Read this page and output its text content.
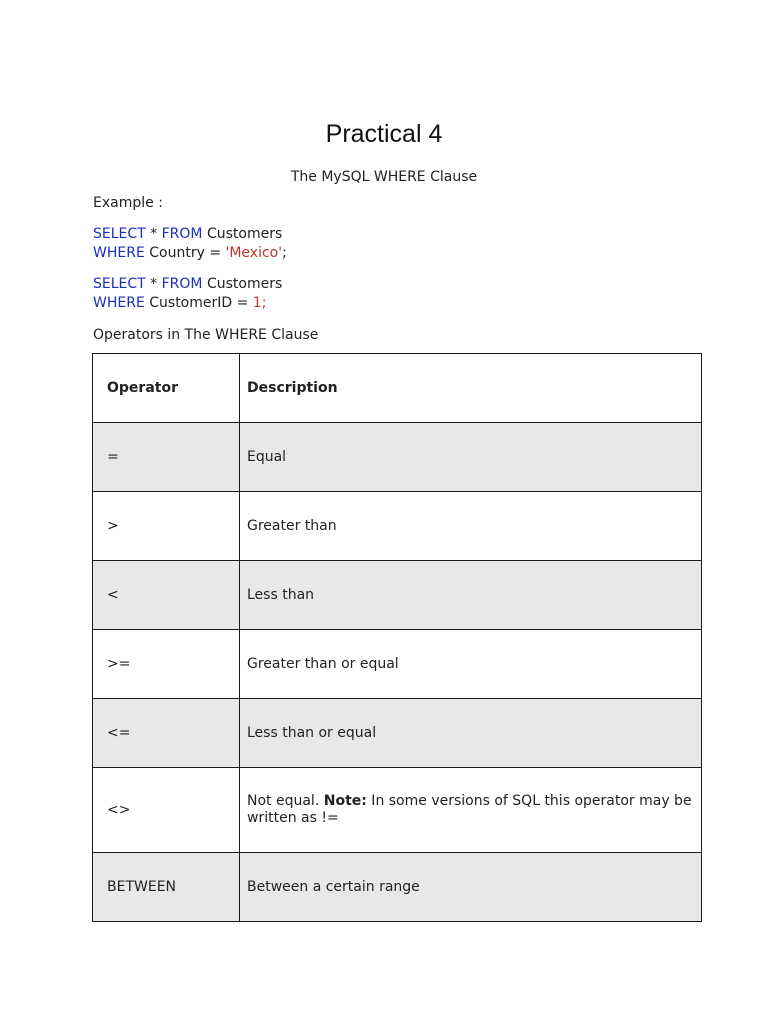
Practical 4
The MySQL WHERE Clause
Example :
SELECT * FROM Customers
WHERE Country = 'Mexico';
SELECT * FROM Customers
WHERE CustomerID = 1;
Operators in The WHERE Clause
Operator	Description
=	Equal
>	Greater than
<	Less than
>=	Greater than or equal
<=	Less than or equal
<>	Not equal. Note: In some versions of SQL this operator may be written as !=
BETWEEN	Between a certain range
